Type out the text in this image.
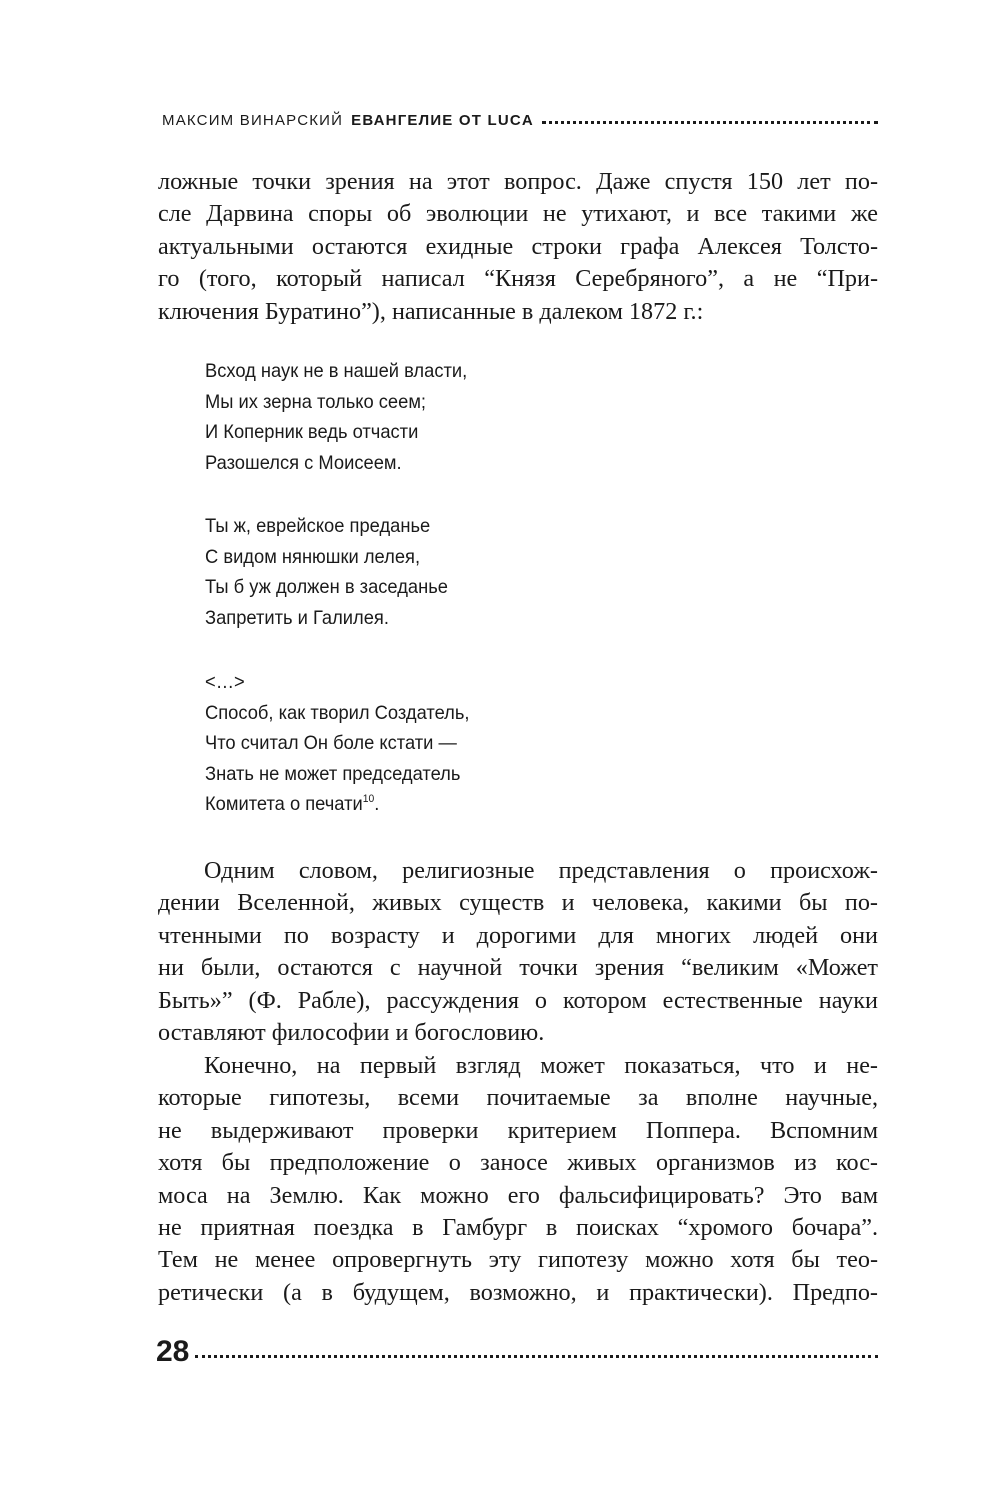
МАКСИМ ВИНАРСКИЙ ЕВАНГЕЛИЕ ОТ LUCA
ложные точки зрения на этот вопрос. Даже спустя 150 лет по-
сле Дарвина споры об эволюции не утихают, и все такими же
актуальными остаются ехидные строки графа Алексея Толсто-
го (того, который написал “Князя Серебряного”, а не “При-
ключения Буратино”), написанные в далеком 1872 г.:
Всход наук не в нашей власти,
Мы их зерна только сеем;
И Коперник ведь отчасти
Разошелся с Моисеем.
Ты ж, еврейское преданье
С видом нянюшки лелея,
Ты б уж должен в заседанье
Запретить и Галилея.
<…>
Способ, как творил Создатель,
Что считал Он боле кстати —
Знать не может председатель
Комитета о печати$^{10}$.
Одним словом, религиозные представления о происхож-
дении Вселенной, живых существ и человека, какими бы по-
чтенными по возрасту и дорогими для многих людей они
ни были, остаются с научной точки зрения “великим «Может
Быть»” (Ф. Рабле), рассуждения о котором естественные науки
оставляют философии и богословию.
Конечно, на первый взгляд может показаться, что и не-
которые гипотезы, всеми почитаемые за вполне научные,
не выдерживают проверки критерием Поппера. Вспомним
хотя бы предположение о заносе живых организмов из кос-
моса на Землю. Как можно его фальсифицировать? Это вам
не приятная поездка в Гамбург в поисках “хромого бочара”.
Тем не менее опровергнуть эту гипотезу можно хотя бы тео-
ретически (а в будущем, возможно, и практически). Предпо-
28
